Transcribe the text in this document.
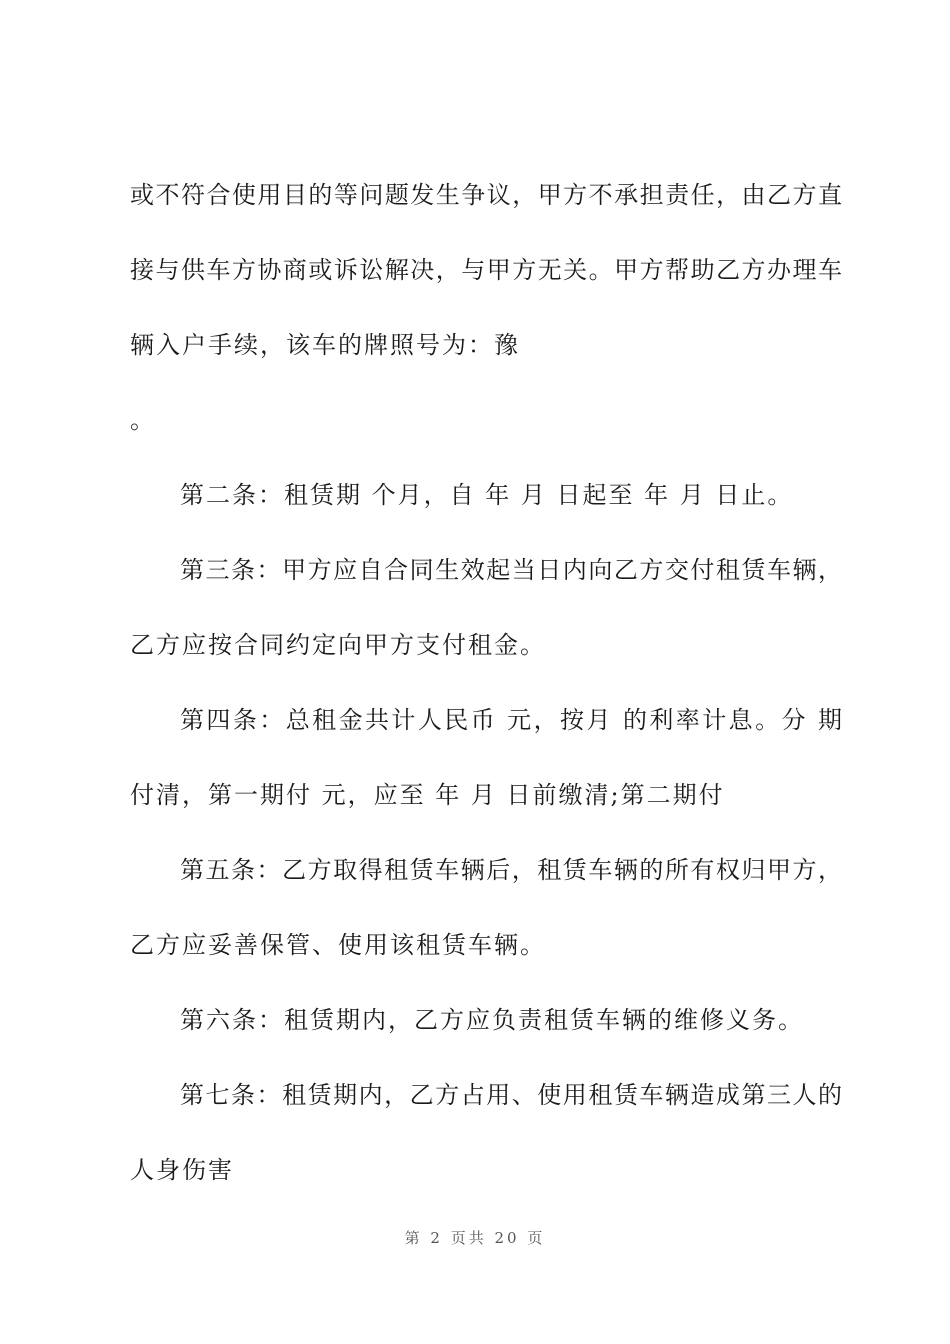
或不符合使用目的等问题发生争议，甲方不承担责任，由乙方直
接与供车方协商或诉讼解决，与甲方无关。甲方帮助乙方办理车
辆入户手续，该车的牌照号为：豫
。
第二条：租赁期 个月，自 年 月 日起至 年 月 日止。
第三条：甲方应自合同生效起当日内向乙方交付租赁车辆，
乙方应按合同约定向甲方支付租金。
第四条：总租金共计人民币 元，按月 的利率计息。分 期
付清，第一期付 元，应至 年 月 日前缴清;第二期付
第五条：乙方取得租赁车辆后，租赁车辆的所有权归甲方，
乙方应妥善保管、使用该租赁车辆。
第六条：租赁期内，乙方应负责租赁车辆的维修义务。
第七条：租赁期内，乙方占用、使用租赁车辆造成第三人的
人身伤害
第 2 页共 20 页
